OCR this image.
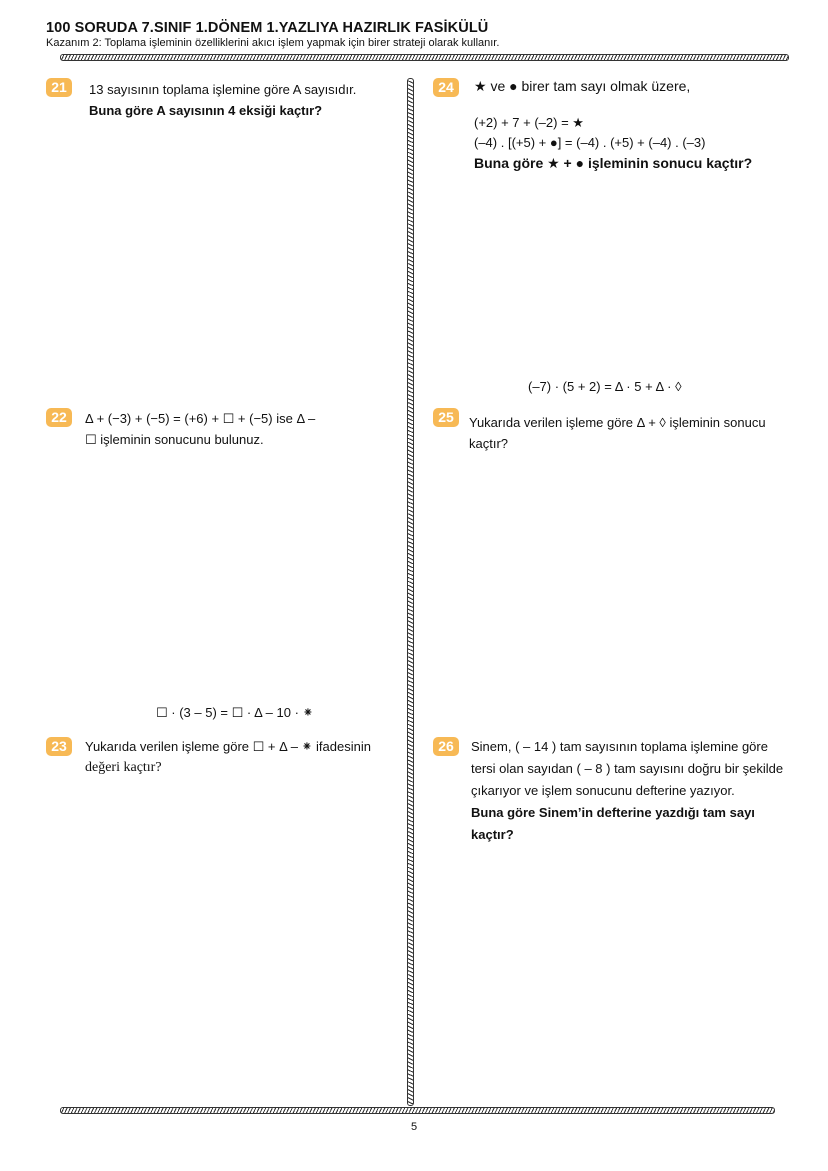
100 SORUDA 7.SINIF 1.DÖNEM 1.YAZLIYA HAZIRLIK FASİKÜLÜ
Kazanım 2: Toplama işleminin özelliklerini akıcı işlem yapmak için birer strateji olarak kullanır.
21	13 sayısının toplama işlemine göre A sayısıdır.
Buna göre A sayısının 4 eksiği kaçtır?
24	★ ve ● birer tam sayı olmak üzere,
(+2) + 7 + (–2) = ★
(–4) . [(+5) + ●] = (–4) . (+5) + (–4) . (–3)
Buna göre ★ + ● işleminin sonucu kaçtır?
(–7) · (5 + 2) = Δ · 5 + Δ · ◊
25	Yukarıda verilen işleme göre Δ + ◊ işleminin sonucu
kaçtır?
22	Δ + (−3) + (−5) = (+6) + ☐ + (−5) ise Δ –
☐ işleminin sonucunu bulunuz.
☐ · (3 – 5) = ☐ · Δ – 10 · ⁕
23	Yukarıda verilen işleme göre ☐ + Δ – ⁕ ifadesinin
değeri kaçtır?
26	Sinem, ( – 14 ) tam sayısının toplama işlemine göre
tersi olan sayıdan ( – 8 ) tam sayısını doğru bir şekilde
çıkarıyor ve işlem sonucunu defterine yazıyor.
Buna göre Sinem’in defterine yazdığı tam sayı
kaçtır?
5
